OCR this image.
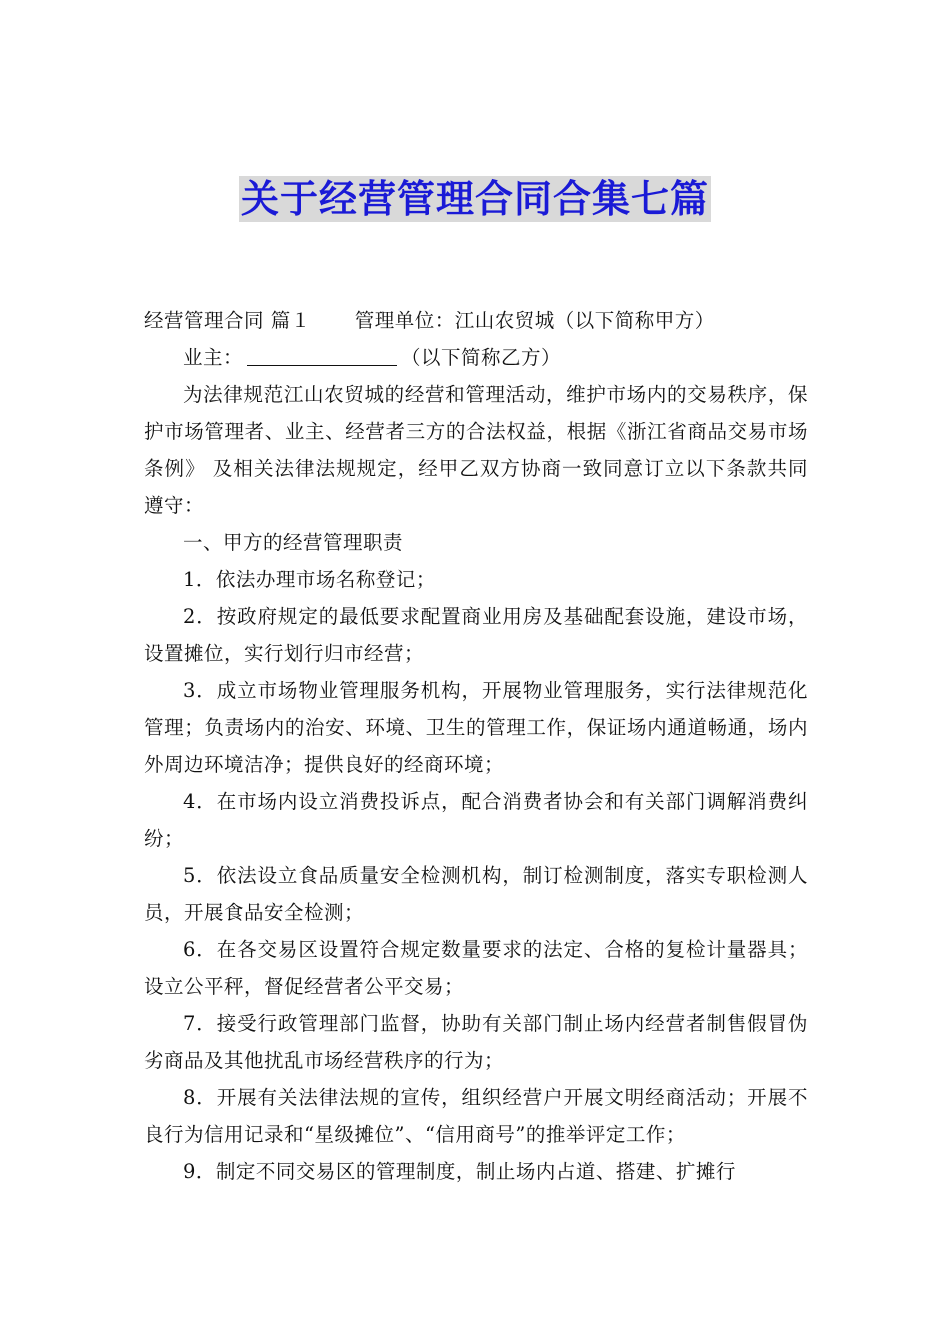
关于经营管理合同合集七篇

经营管理合同 篇１ 管理单位：江山农贸城（以下简称甲方）

业主：	（以下简称乙方）

为法律规范江山农贸城的经营和管理活动，维护市场内的交易秩序，保护市场管理者、业主、经营者三方的合法权益，根据《浙江省商品交易市场条例》 及相关法律法规规定，经甲乙双方协商一致同意订立以下条款共同遵守：

一、甲方的经营管理职责

1．依法办理市场名称登记；

2．按政府规定的最低要求配置商业用房及基础配套设施，建设市场，设置摊位，实行划行归市经营；

3．成立市场物业管理服务机构，开展物业管理服务，实行法律规范化管理；负责场内的治安、环境、卫生的管理工作，保证场内通道畅通，场内外周边环境洁净；提供良好的经商环境；

4．在市场内设立消费投诉点，配合消费者协会和有关部门调解消费纠纷；

5．依法设立食品质量安全检测机构，制订检测制度，落实专职检测人员，开展食品安全检测；

6．在各交易区设置符合规定数量要求的法定、合格的复检计量器具；设立公平秤，督促经营者公平交易；

7．接受行政管理部门监督，协助有关部门制止场内经营者制售假冒伪劣商品及其他扰乱市场经营秩序的行为；

8．开展有关法律法规的宣传，组织经营户开展文明经商活动；开展不良行为信用记录和“星级摊位”、“信用商号”的推举评定工作；

9．制定不同交易区的管理制度，制止场内占道、搭建、扩摊行
